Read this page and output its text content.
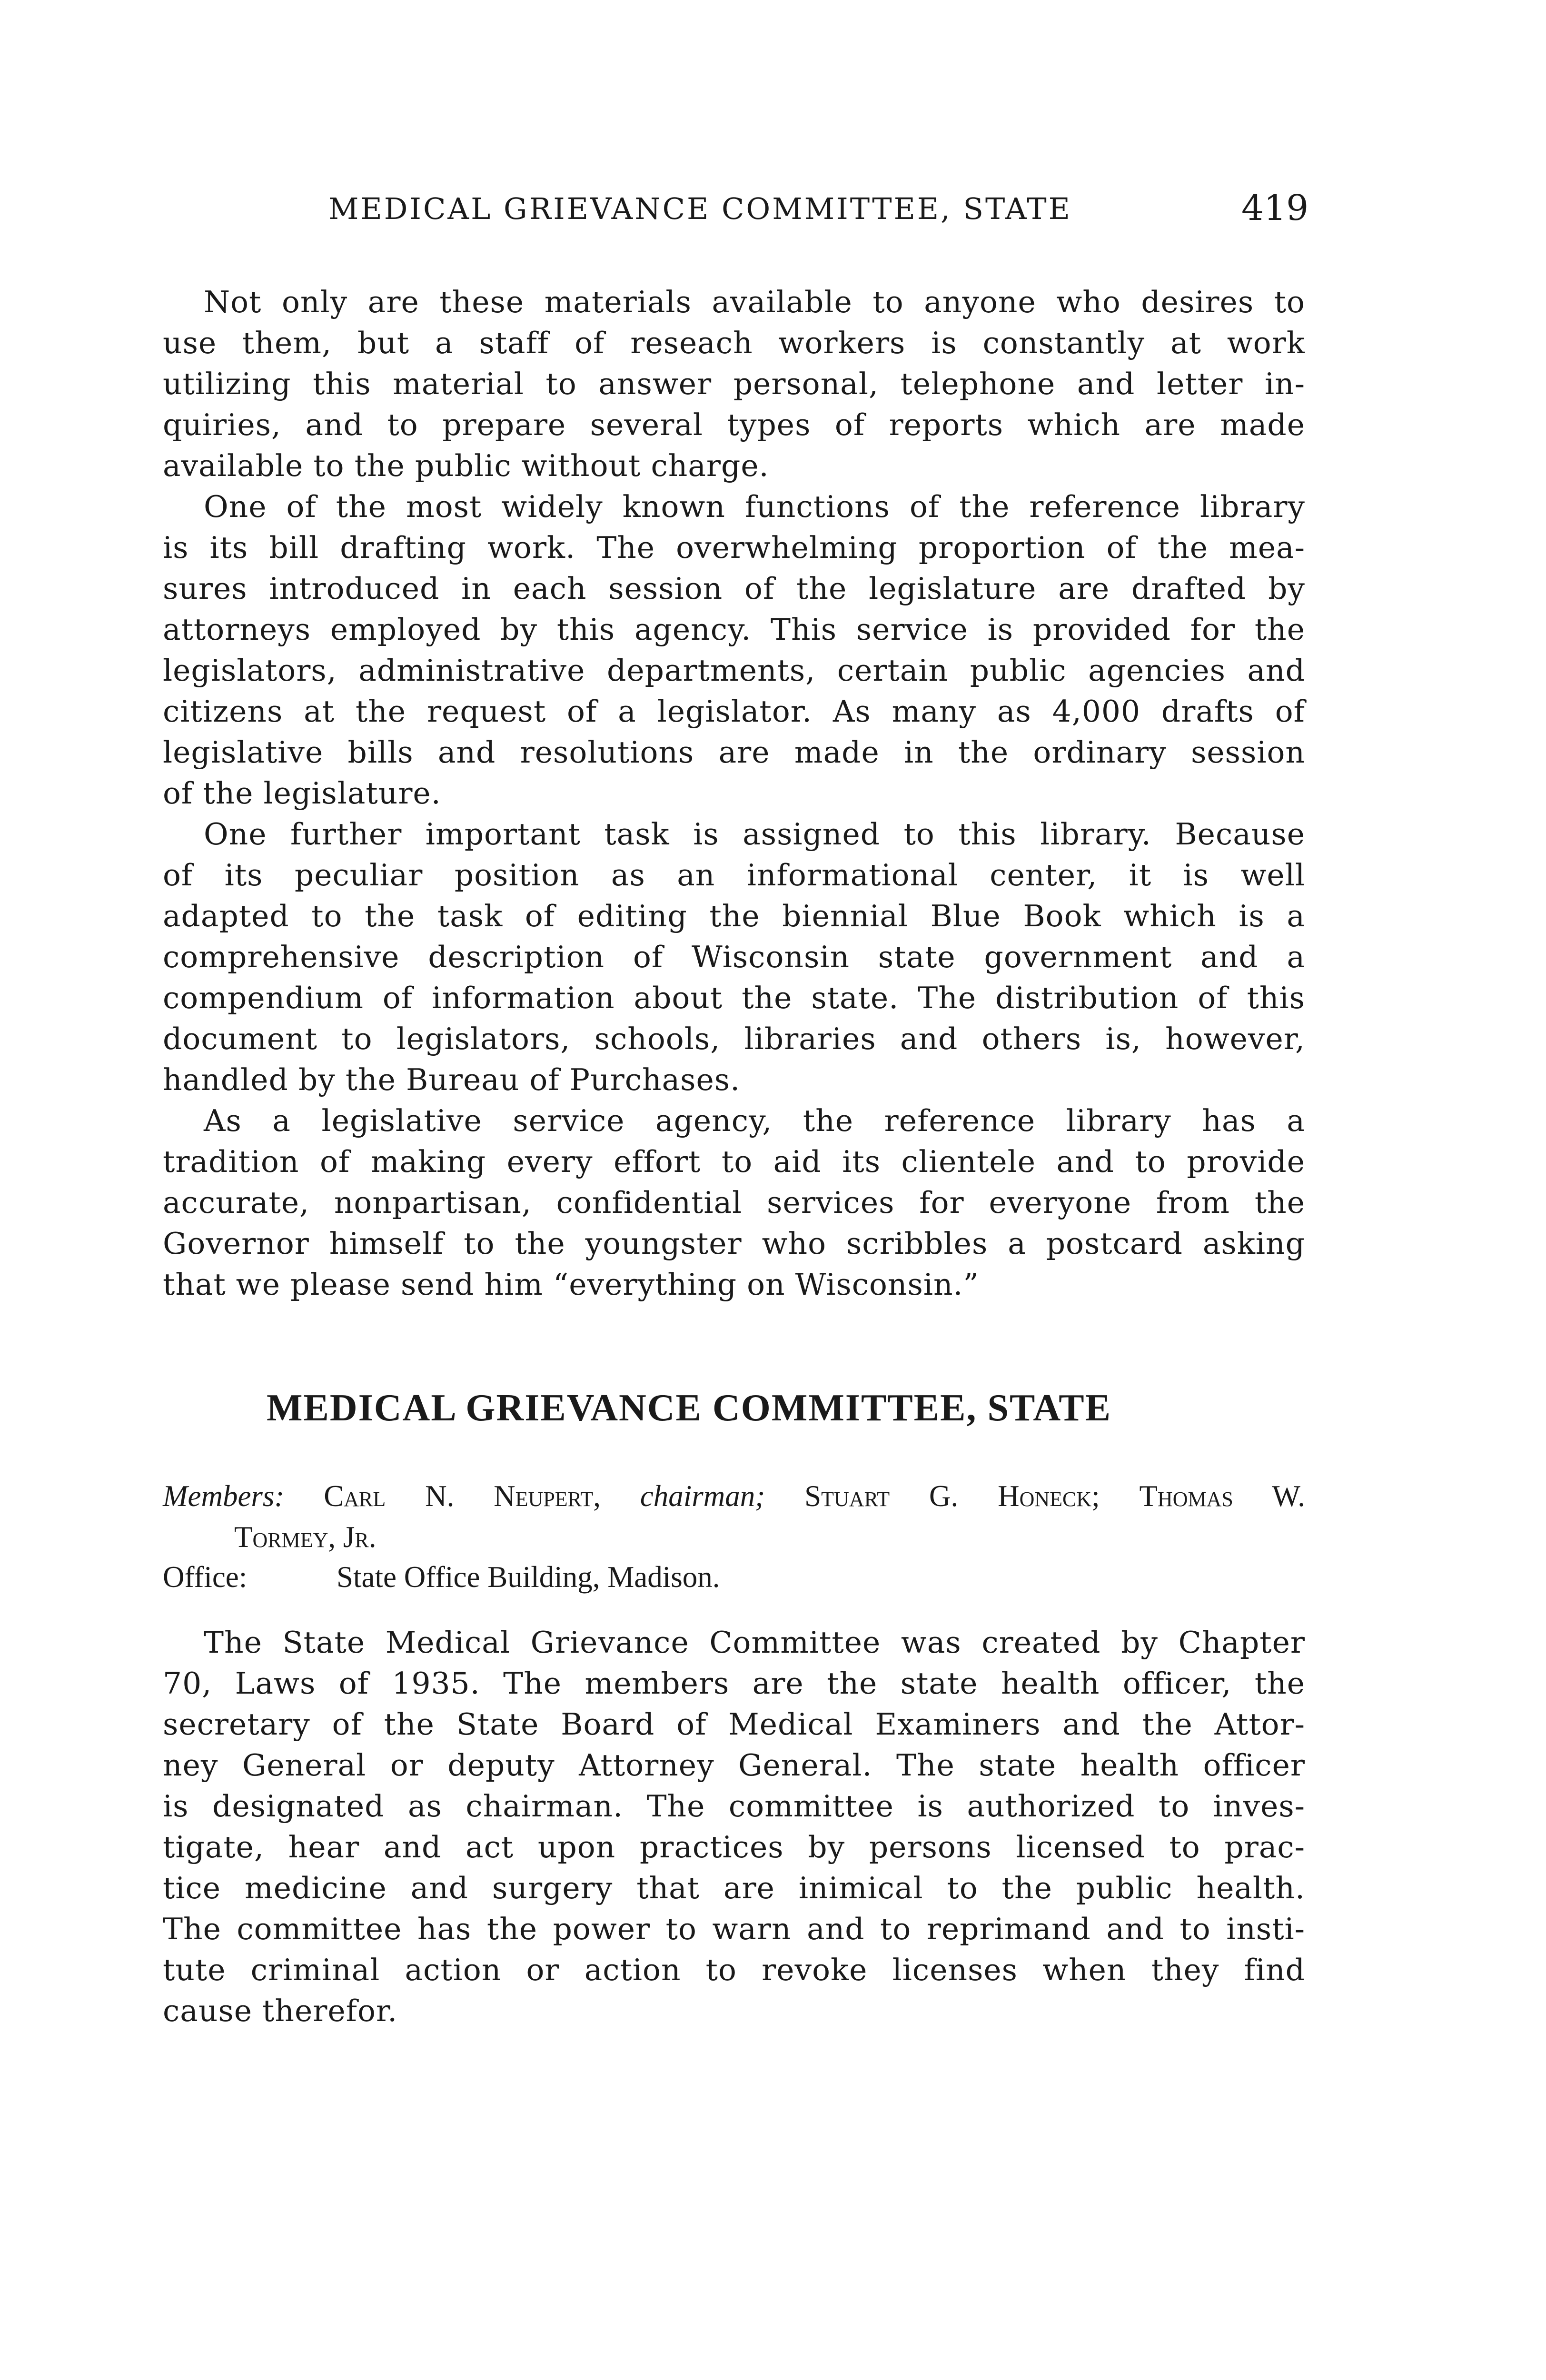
MEDICAL GRIEVANCE COMMITTEE, STATE	419
Not only are these materials available to anyone who desires to
use them, but a staff of reseach workers is constantly at work
utilizing this material to answer personal, telephone and letter in-
quiries, and to prepare several types of reports which are made
available to the public without charge.
One of the most widely known functions of the reference library
is its bill drafting work. The overwhelming proportion of the mea-
sures introduced in each session of the legislature are drafted by
attorneys employed by this agency. This service is provided for the
legislators, administrative departments, certain public agencies and
citizens at the request of a legislator. As many as 4,000 drafts of
legislative bills and resolutions are made in the ordinary session
of the legislature.
One further important task is assigned to this library. Because
of its peculiar position as an informational center, it is well
adapted to the task of editing the biennial Blue Book which is a
comprehensive description of Wisconsin state government and a
compendium of information about the state. The distribution of this
document to legislators, schools, libraries and others is, however,
handled by the Bureau of Purchases.
As a legislative service agency, the reference library has a
tradition of making every effort to aid its clientele and to provide
accurate, nonpartisan, confidential services for everyone from the
Governor himself to the youngster who scribbles a postcard asking
that we please send him “everything on Wisconsin.”
MEDICAL GRIEVANCE COMMITTEE, STATE
Members: Carl N. Neupert, chairman; Stuart G. Honeck; Thomas W.
Tormey, Jr.
Office:	State Office Building, Madison.
The State Medical Grievance Committee was created by Chapter
70, Laws of 1935. The members are the state health officer, the
secretary of the State Board of Medical Examiners and the Attor-
ney General or deputy Attorney General. The state health officer
is designated as chairman. The committee is authorized to inves-
tigate, hear and act upon practices by persons licensed to prac-
tice medicine and surgery that are inimical to the public health.
The committee has the power to warn and to reprimand and to insti-
tute criminal action or action to revoke licenses when they find
cause therefor.
